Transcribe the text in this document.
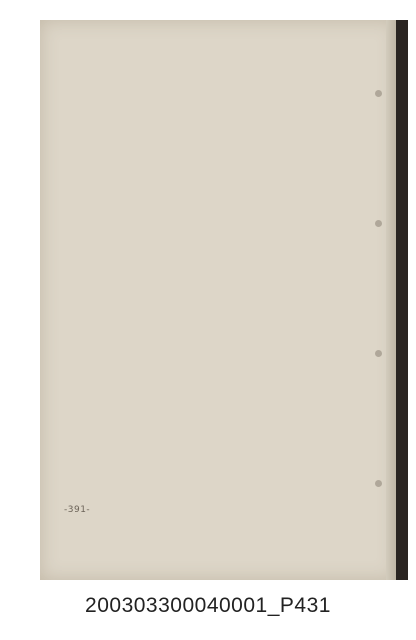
-391-
200303300040001_P431
